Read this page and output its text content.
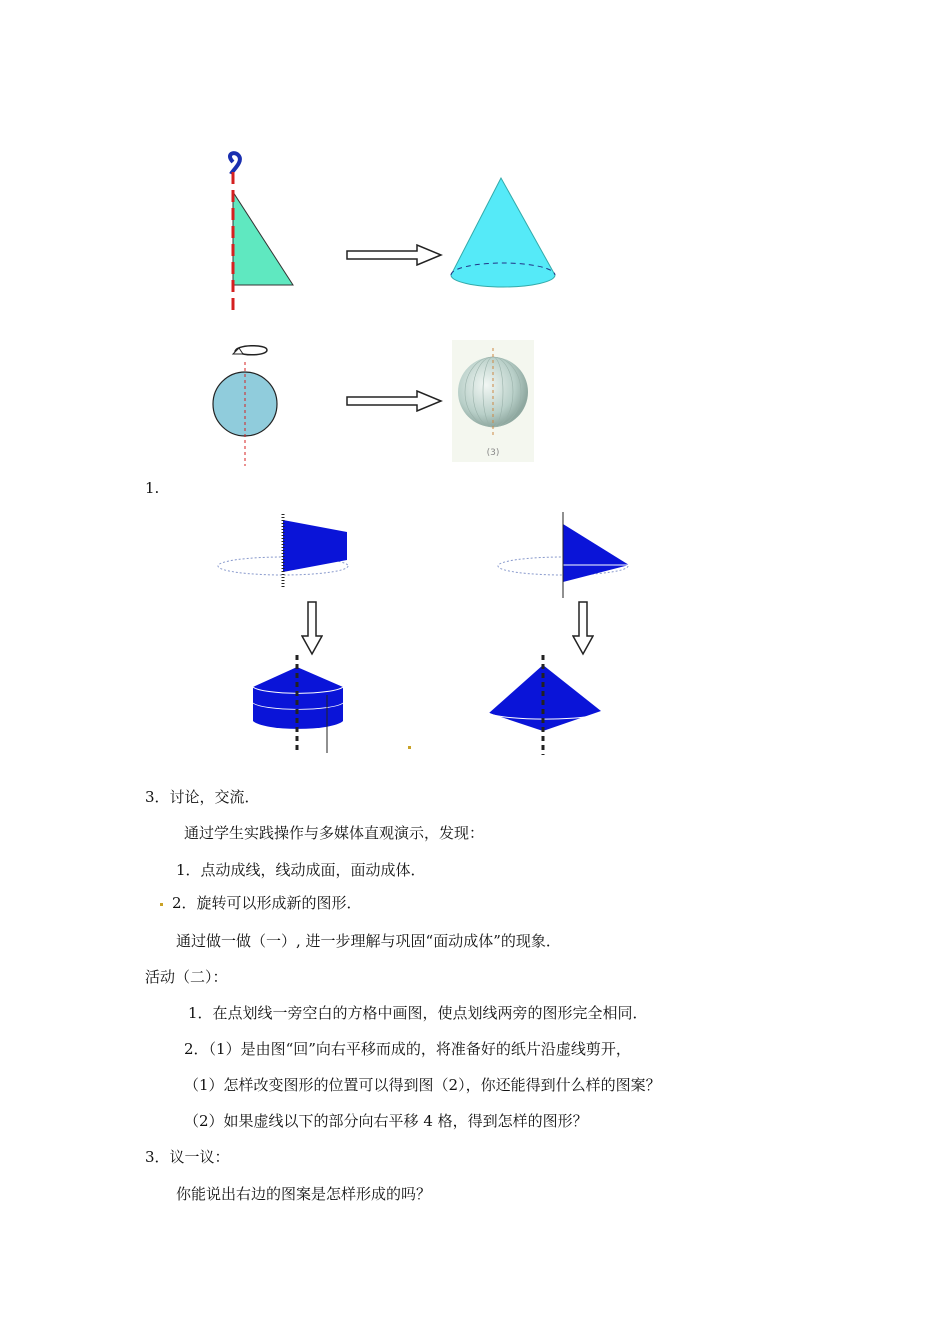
(3)
1.
3．讨论，交流．
通过学生实践操作与多媒体直观演示，发现：
1．点动成线，线动成面，面动成体．
2．旋转可以形成新的图形．
通过做一做（一）, 进一步理解与巩固“面动成体”的现象．
活动（二）：
1．在点划线一旁空白的方格中画图，使点划线两旁的图形完全相同．
2．（1）是由图“回”向右平移而成的，将准备好的纸片沿虚线剪开，
（1）怎样改变图形的位置可以得到图（2），你还能得到什么样的图案？
（2）如果虚线以下的部分向右平移 4 格，得到怎样的图形？
3．议一议：
你能说出右边的图案是怎样形成的吗？
